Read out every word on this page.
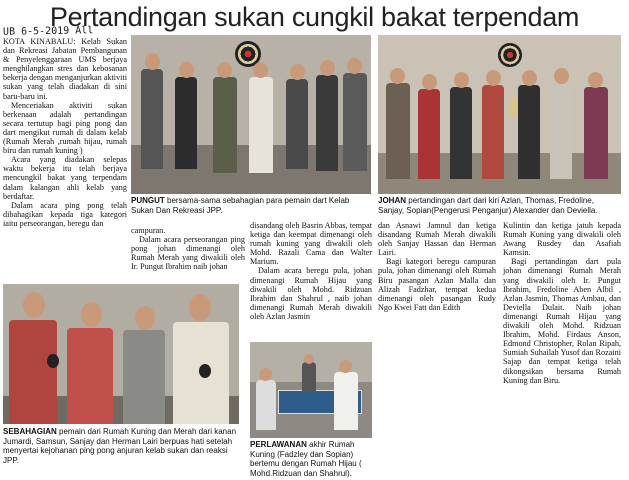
Pertandingan sukan cungkil bakat terpendam
UB 6-5-2019 All

KOTA KINABALU: Kelab Sukan dan Rekreasi Jabatan Pembangunan & Penyelenggaraan UMS berjaya menghilangkan stres dan kebosanan bekerja dengan menganjurkan aktiviti sukan yang telah diadakan di sini baru-baru ini.

Menceriakan aktiviti sukan berkenaan adalah pertandingan secara tertutup bagi ping pong dan dart mengikut rumah di dalam kelab (Rumah Merah ,rumah hijau, rumah biru dan rumah kuning )

Acara yang diadakan selepas waktu bekerja itu telah berjaya mencungkil bakat yang terpendam dalam kalangan ahli kelab yang berdaftar.

Dalam acara ping pong telah dibahagikan kepada tiga kategori iaitu perseorangan, beregu dan

PUNGUT bersama-sama sebahagian para pemain dart Kelab Sukan Dan Rekreasi JPP.
JOHAN pertandingan dart dari kiri Azlan, Thomas, Fredoline, Sanjay, Sopian(Pengerusi Penganjur) Alexander dan Deviella.

campuran.

Dalam acara perseorangan ping pong johan dimenangi oleh Rumah Merah yang diwakili oleh Ir. Pungut Ibrahim naib johan

disandang oleh Basrin Abbas, tempat ketiga dan keempat dimenangi oleh rumah kuning yang diwakili oleh Mohd. Razali Cama dan Walter Marium.

Dalam acara beregu pula, johan dimenangi Rumah Hijau yang diwakili oleh Mohd. Ridzuan Ibrahim dan Shahrul , naib johan dimenangi Rumah Merah diwakili oleh Azlan Jasmin

dan Asnawi Jamnul dan ketiga disandang Rumah Merah diwakili oleh Sanjay Hassan dan Herman Lairi.

Bagi kategori beregu campuran pula, johan dimenangi oleh Rumah Biru pasangan Azlan Malla dan Alizah Fadzhar, tempat kedua dimenangi oleh pasangan Rudy Ngo Kwei Fatt dan Edith

Kulintin dan ketiga jatuh kepada Rumah Kuning yang diwakili oleh Awang Rusdey dan Asafiah Kamsin.

Bagi pertandingan dart pula johan dimenangi Rumah Merah yang diwakili oleh Ir. Pungut Ibrahim, Fredoline Aben Albil , Azlan Jasmin, Thomas Ambau, dan Deviella Dulait. Naib johan dimenangi Rumah Hijau yang diwakili oleh Mohd. Ridzuan Ibrahim, Mohd. Firdaus Anson, Edmond Christopher, Rolan Ripah, Sumiah Suhailah Yusof dan Rozaini Sajap dan tempat ketiga telah dikongsikan bersama Rumah Kuning dan Biru.

SEBAHAGIAN pemain dari Rumah Kuning dan Merah dari kanan Jumardi, Samsun, Sanjay dan Herman Lairi berpuas hati setelah menyertai kejohanan ping pong anjuran kelab sukan dan reaksi JPP.
PERLAWANAN akhir Rumah Kuning (Fadzley dan Sopian) bertemu dengan Rumah Hijau ( Mohd.Ridzuan dan Shahrul).
